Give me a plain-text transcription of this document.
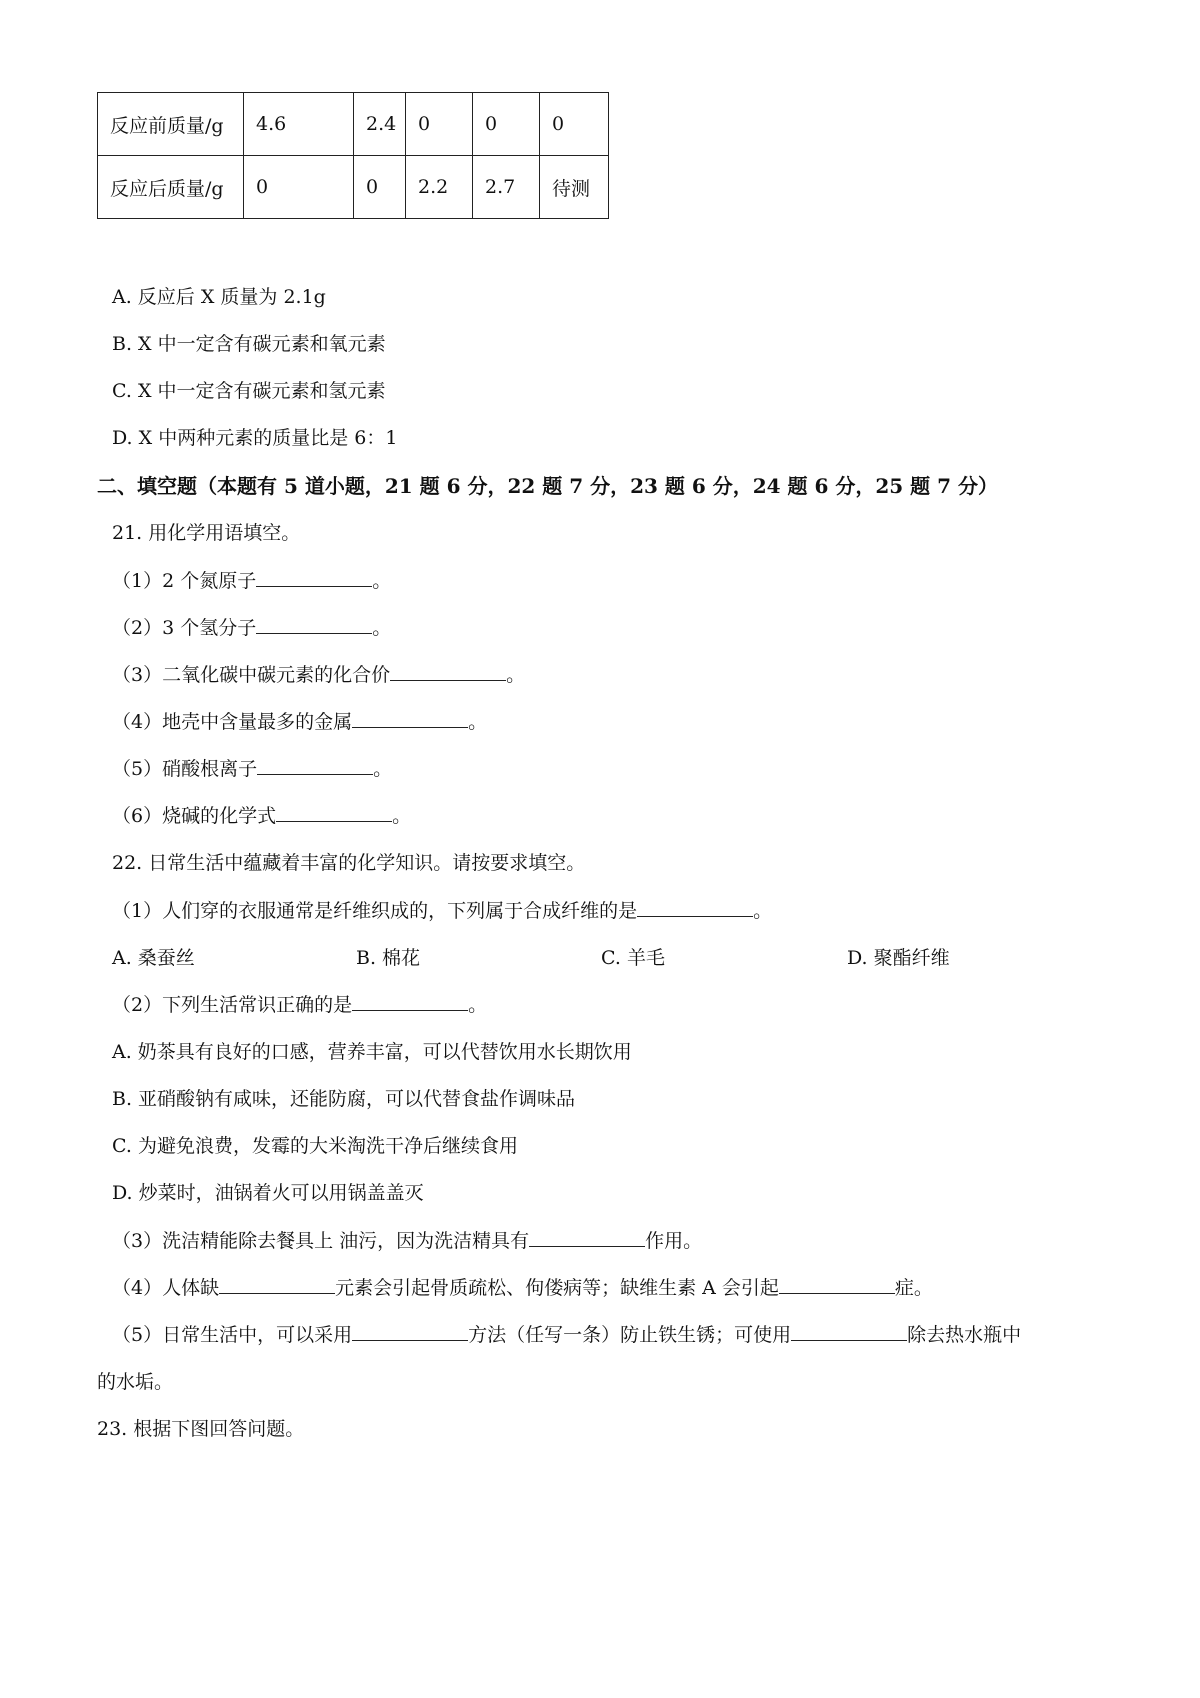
反应前质量/g	4.6	2.4	0	0	0
反应后质量/g	0	0	2.2	2.7	待测
A. 反应后 X 质量为 2.1g
B. X 中一定含有碳元素和氧元素
C. X 中一定含有碳元素和氢元素
D. X 中两种元素的质量比是 6：1
二、填空题（本题有 5 道小题，21 题 6 分，22 题 7 分，23 题 6 分，24 题 6 分，25 题 7 分）
21. 用化学用语填空。
（1）2 个氮原子	。
（2）3 个氢分子	。
（3）二氧化碳中碳元素的化合价	。
（4）地壳中含量最多的金属	。
（5）硝酸根离子	。
（6）烧碱的化学式	。
22. 日常生活中蕴藏着丰富的化学知识。请按要求填空。
（1）人们穿的衣服通常是纤维织成的，下列属于合成纤维的是	。
A. 桑蚕丝	B. 棉花	C. 羊毛	D. 聚酯纤维
（2）下列生活常识正确的是	。
A. 奶茶具有良好的口感，营养丰富，可以代替饮用水长期饮用
B. 亚硝酸钠有咸味，还能防腐，可以代替食盐作调味品
C. 为避免浪费，发霉的大米淘洗干净后继续食用
D. 炒菜时，油锅着火可以用锅盖盖灭
（3）洗洁精能除去餐具上 油污，因为洗洁精具有	作用。
（4）人体缺	元素会引起骨质疏松、佝偻病等；缺维生素 A 会引起	症。
（5）日常生活中，可以采用	方法（任写一条）防止铁生锈；可使用	除去热水瓶中
的水垢。
23. 根据下图回答问题。
